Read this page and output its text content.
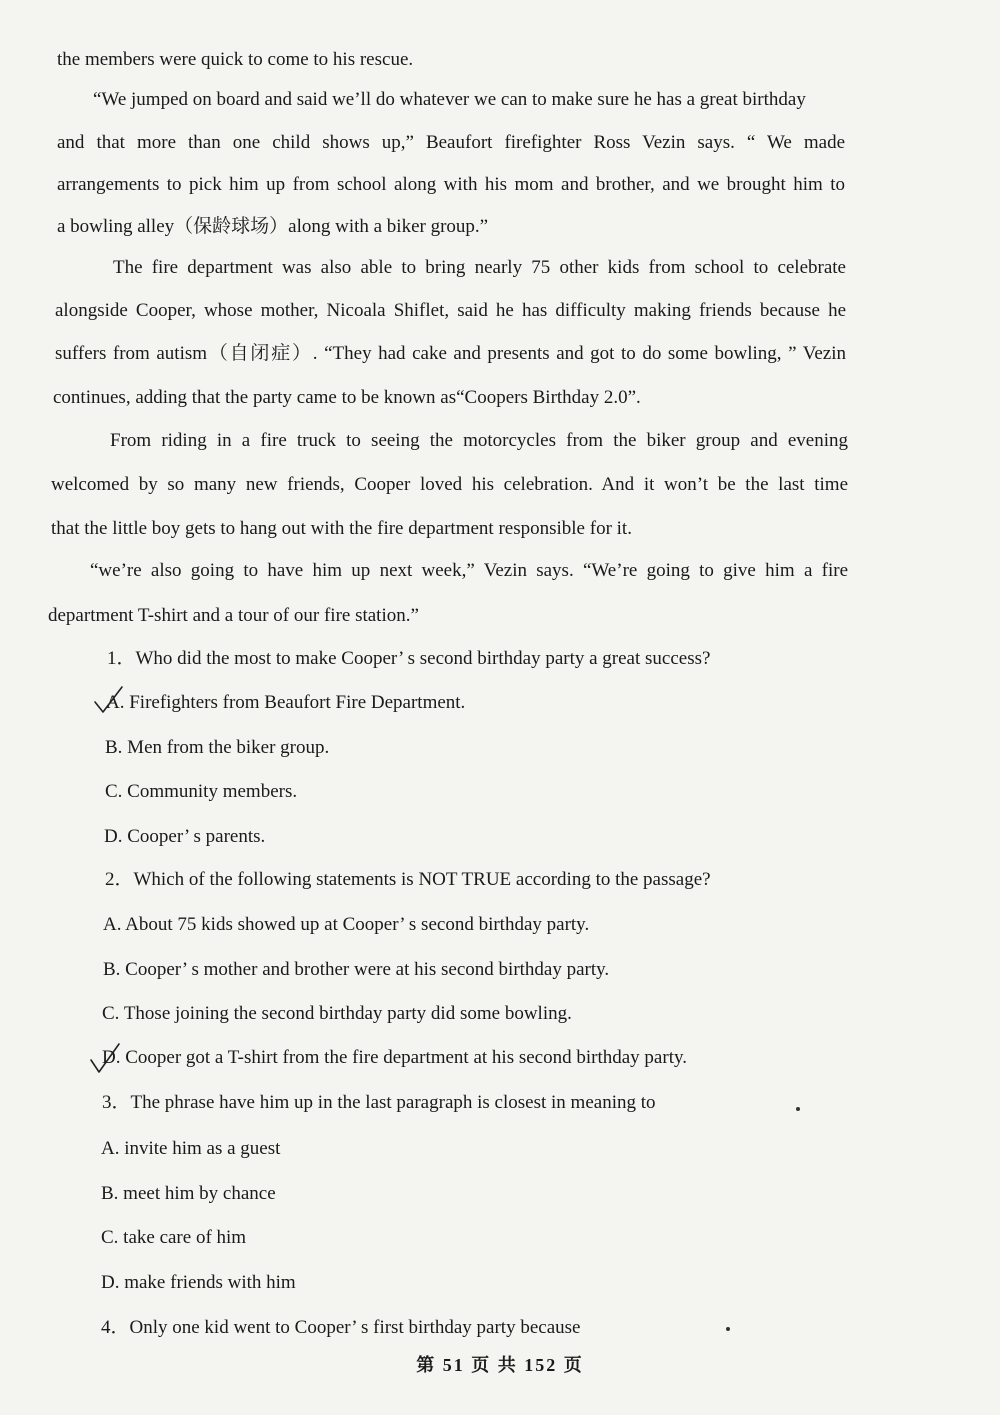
the members were quick to come to his rescue.
“We jumped on board and said we’ll do whatever we can to make sure he has a great birthday
and that more than one child shows up,” Beaufort firefighter Ross Vezin says. “ We made
arrangements to pick him up from school along with his mom and brother, and we brought him to
a bowling alley（保龄球场）along with a biker group.”
The fire department was also able to bring nearly 75 other kids from school to celebrate
alongside Cooper, whose mother, Nicoala Shiflet, said he has difficulty making friends because he
suffers from autism（自闭症）. “They had cake and presents and got to do some bowling, ” Vezin
continues, adding that the party came to be known as“Coopers Birthday 2.0”.
From riding in a fire truck to seeing the motorcycles from the biker group and evening
welcomed by so many new friends, Cooper loved his celebration. And it won’t be the last time
that the little boy gets to hang out with the fire department responsible for it.
“we’re also going to have him up next week,” Vezin says. “We’re going to give him a fire
department T-shirt and a tour of our fire station.”
1．Who did the most to make Cooper’ s second birthday party a great success?
A. Firefighters from Beaufort Fire Department.
B. Men from the biker group.
C. Community members.
D. Cooper’ s parents.
2．Which of the following statements is NOT TRUE according to the passage?
A. About 75 kids showed up at Cooper’ s second birthday party.
B. Cooper’ s mother and brother were at his second birthday party.
C. Those joining the second birthday party did some bowling.
D. Cooper got a T-shirt from the fire department at his second birthday party.
3．The phrase have him up in the last paragraph is closest in meaning to
A. invite him as a guest
B. meet him by chance
C. take care of him
D. make friends with him
4．Only one kid went to Cooper’ s first birthday party because
第 51 页 共 152 页
